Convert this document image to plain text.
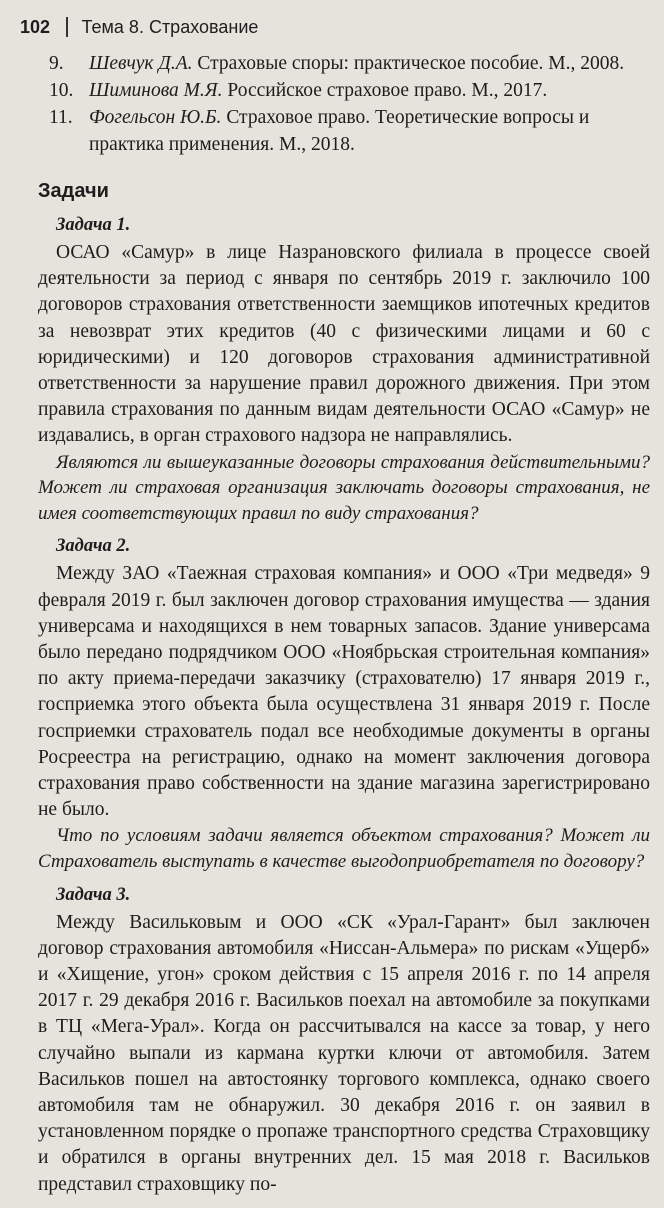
102 Тема 8. Страхование
9.	Шевчук Д.А. Страховые споры: практическое пособие. М., 2008.
10. Шиминова М.Я. Российское страховое право. М., 2017.
11. Фогельсон Ю.Б. Страховое право. Теоретические вопросы и практика применения. М., 2018.
Задачи
Задача 1.

ОСАО «Самур» в лице Назрановского филиала в процессе своей деятельности за период с января по сентябрь 2019 г. заключило 100 договоров страхования ответственности заемщиков ипотечных кредитов за невозврат этих кредитов (40 с физическими лицами и 60 с юридическими) и 120 договоров страхования административной ответственности за нарушение правил дорожного движения. При этом правила страхования по данным видам деятельности ОСАО «Самур» не издавались, в орган страхового надзора не направлялись.

Являются ли вышеуказанные договоры страхования действительными? Может ли страховая организация заключать договоры страхования, не имея соответствующих правил по виду страхования?

Задача 2.

Между ЗАО «Таежная страховая компания» и ООО «Три медведя» 9 февраля 2019 г. был заключен договор страхования имущества — здания универсама и находящихся в нем товарных запасов. Здание универсама было передано подрядчиком ООО «Ноябрьская строительная компания» по акту приема-передачи заказчику (страхователю) 17 января 2019 г., госприемка этого объекта была осуществлена 31 января 2019 г. После госприемки страхователь подал все необходимые документы в органы Росреестра на регистрацию, однако на момент заключения договора страхования право собственности на здание магазина зарегистрировано не было.

Что по условиям задачи является объектом страхования? Может ли Страхователь выступать в качестве выгодоприобретателя по договору?

Задача 3.

Между Васильковым и ООО «СК «Урал-Гарант» был заключен договор страхования автомобиля «Ниссан-Альмера» по рискам «Ущерб» и «Хищение, угон» сроком действия с 15 апреля 2016 г. по 14 апреля 2017 г. 29 декабря 2016 г. Васильков поехал на автомобиле за покупками в ТЦ «Мега-Урал». Когда он рассчитывался на кассе за товар, у него случайно выпали из кармана куртки ключи от автомобиля. Затем Васильков пошел на автостоянку торгового комплекса, однако своего автомобиля там не обнаружил. 30 декабря 2016 г. он заявил в установленном порядке о пропаже транспортного средства Страховщику и обратился в органы внутренних дел. 15 мая 2018 г. Васильков представил страховщику по-
